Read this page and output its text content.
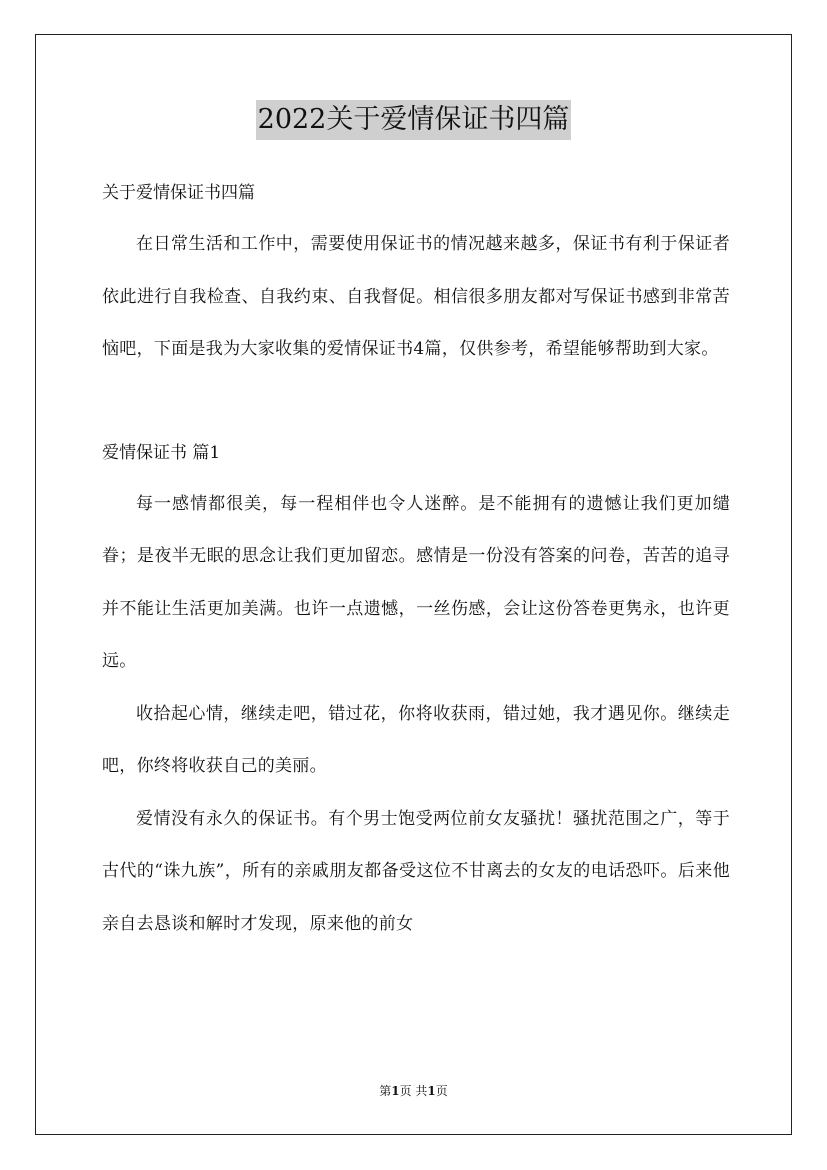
2022关于爱情保证书四篇

关于爱情保证书四篇

在日常生活和工作中，需要使用保证书的情况越来越多，保证书有利于保证者依此进行自我检查、自我约束、自我督促。相信很多朋友都对写保证书感到非常苦恼吧，下面是我为大家收集的爱情保证书4篇，仅供参考，希望能够帮助到大家。

爱情保证书 篇1

每一感情都很美，每一程相伴也令人迷醉。是不能拥有的遗憾让我们更加缱眷；是夜半无眠的思念让我们更加留恋。感情是一份没有答案的问卷，苦苦的追寻并不能让生活更加美满。也许一点遗憾，一丝伤感，会让这份答卷更隽永，也许更远。

收拾起心情，继续走吧，错过花，你将收获雨，错过她，我才遇见你。继续走吧，你终将收获自己的美丽。

爱情没有永久的保证书。有个男士饱受两位前女友骚扰！骚扰范围之广，等于古代的“诛九族”，所有的亲戚朋友都备受这位不甘离去的女友的电话恐吓。后来他亲自去恳谈和解时才发现，原来他的前女

第1页 共1页
